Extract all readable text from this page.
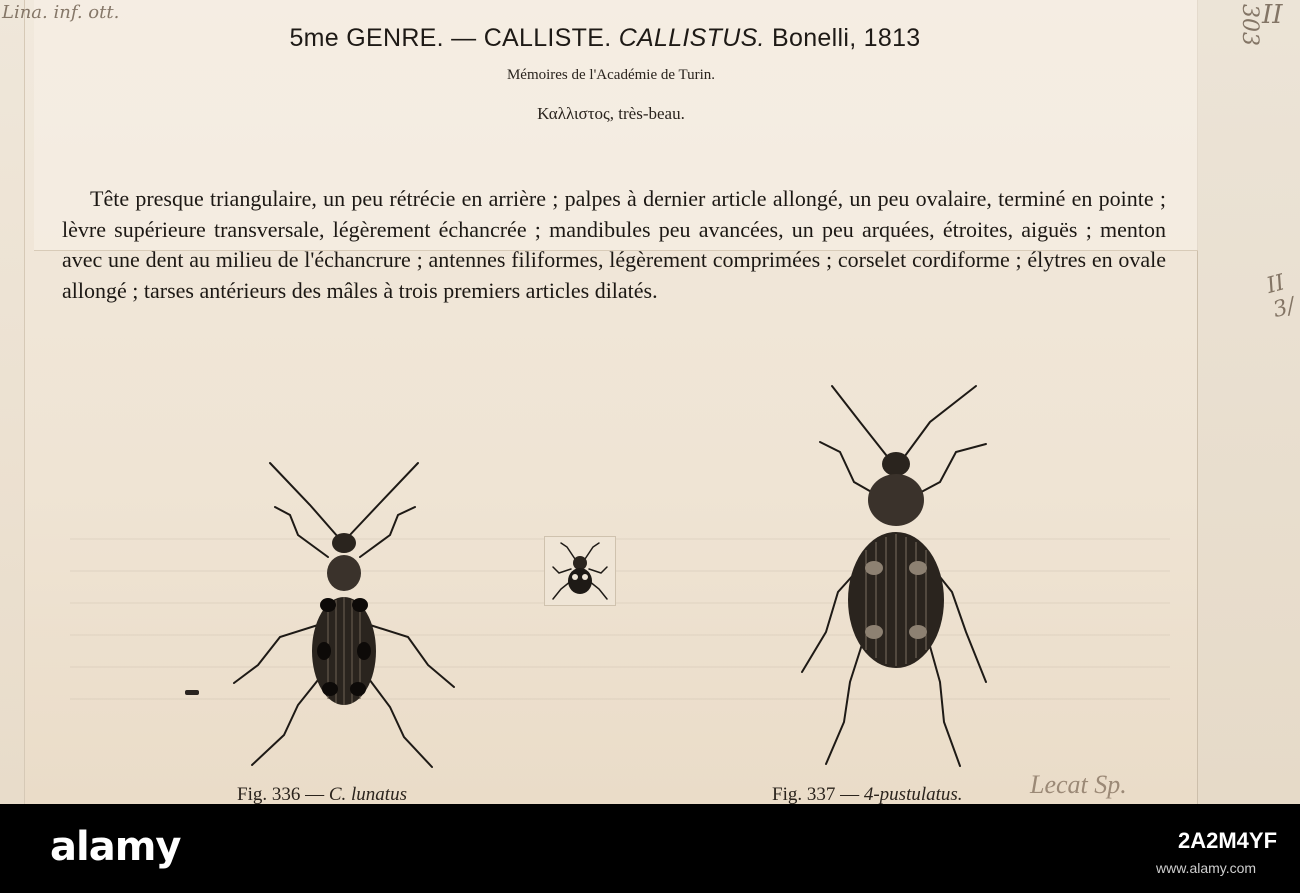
Lina. inf. ott.	II
303
II 3/
5me GENRE. — CALLISTE. CALLISTUS. Bonelli, 1813
Mémoires de l'Académie de Turin.
Καλλιστος, très-beau.
Tête presque triangulaire, un peu rétrécie en arrière ; palpes à dernier article allongé, un peu ovalaire, terminé en pointe ; lèvre supérieure transversale, légèrement échancrée ; mandibules peu avancées, un peu arquées, étroites, aiguës ; menton avec une dent au milieu de l'échancrure ; antennes filiformes, légèrement comprimées ; corselet cordiforme ; élytres en ovale allongé ; tarses antérieurs des mâles à trois premiers articles dilatés.
Fig. 336 — C. lunatus	Fig. 337 — 4-pustulatus.	Lecat Sp.
alamy	2A2M4YF
www.alamy.com
